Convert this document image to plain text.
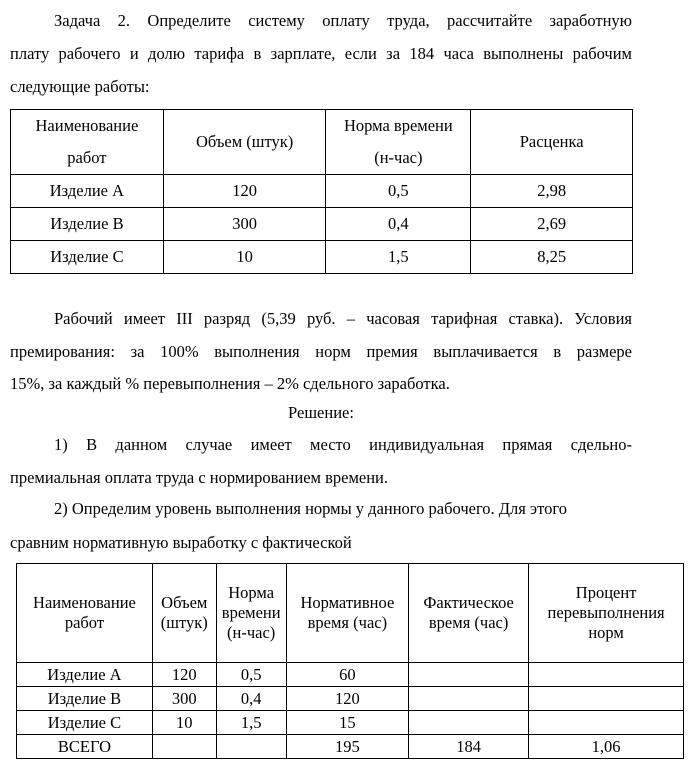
Задача 2. Определите систему оплату труда, рассчитайте заработную
плату рабочего и долю тарифа в зарплате, если за 184 часа выполнены рабочим
следующие работы:
Наименование работ	Объем (штук)	Норма времени (н-час)	Расценка
Изделие А	120	0,5	2,98
Изделие В	300	0,4	2,69
Изделие С	10	1,5	8,25
Рабочий имеет III разряд (5,39 руб. – часовая тарифная ставка). Условия
премирования: за 100% выполнения норм премия выплачивается в размере
15%, за каждый % перевыполнения – 2% сдельного заработка.
Решение:
1) В данном случае имеет место индивидуальная прямая сдельно-
премиальная оплата труда с нормированием времени.
2) Определим уровень выполнения нормы у данного рабочего. Для этого
сравним нормативную выработку с фактической
Наименование работ	Объем (штук)	Норма времени (н-час)	Нормативное время (час)	Фактическое время (час)	Процент перевыполнения норм

Изделие А	120	0,5	60		
Изделие В	300	0,4	120		
Изделие С	10	1,5	15		
ВСЕГО			195	184	1,06
